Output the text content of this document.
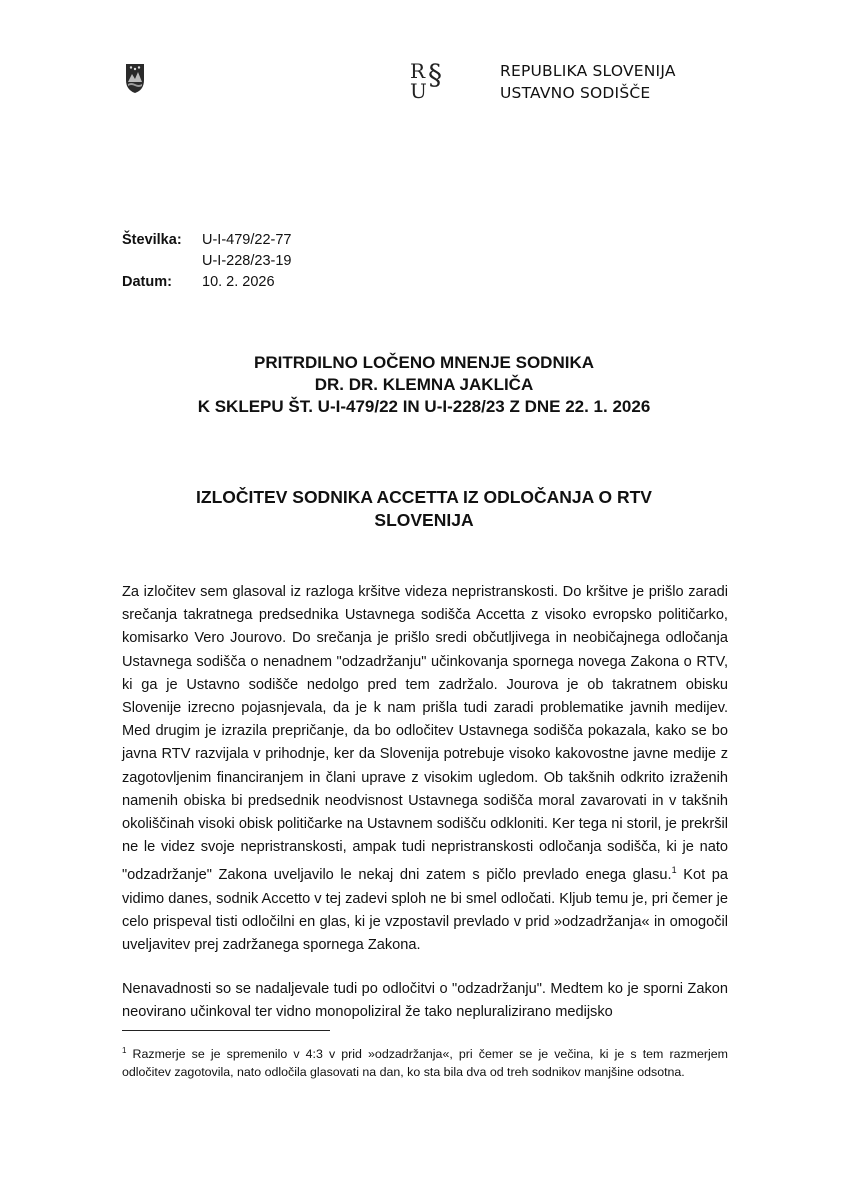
R §
U
REPUBLIKA SLOVENIJA
USTAVNO SODIŠČE
Številka:	U-I-479/22-77
U-I-228/23-19
Datum:	10. 2. 2026
PRITRDILNO LOČENO MNENJE SODNIKA
DR. DR. KLEMNA JAKLIČA
K SKLEPU ŠT. U-I-479/22 IN U-I-228/23 Z DNE 22. 1. 2026
IZLOČITEV SODNIKA ACCETTA IZ ODLOČANJA O RTV
SLOVENIJA

Za izločitev sem glasoval iz razloga kršitve videza nepristranskosti. Do kršitve je prišlo zaradi srečanja takratnega predsednika Ustavnega sodišča Accetta z visoko evropsko političarko, komisarko Vero Jourovo. Do srečanja je prišlo sredi občutljivega in neobičajnega odločanja Ustavnega sodišča o nenadnem "odzadržanju" učinkovanja spornega novega Zakona o RTV, ki ga je Ustavno sodišče nedolgo pred tem zadržalo. Jourova je ob takratnem obisku Slovenije izrecno pojasnjevala, da je k nam prišla tudi zaradi problematike javnih medijev. Med drugim je izrazila prepričanje, da bo odločitev Ustavnega sodišča pokazala, kako se bo javna RTV razvijala v prihodnje, ker da Slovenija potrebuje visoko kakovostne javne medije z zagotovljenim financiranjem in člani uprave z visokim ugledom. Ob takšnih odkrito izraženih namenih obiska bi predsednik neodvisnost Ustavnega sodišča moral zavarovati in v takšnih okoliščinah visoki obisk političarke na Ustavnem sodišču odkloniti. Ker tega ni storil, je prekršil ne le videz svoje nepristranskosti, ampak tudi nepristranskosti odločanja sodišča, ki je nato "odzadržanje" Zakona uveljavilo le nekaj dni zatem s pičlo prevlado enega glasu.$^1$ Kot pa vidimo danes, sodnik Accetto v tej zadevi sploh ne bi smel odločati. Kljub temu je, pri čemer je celo prispeval tisti odločilni en glas, ki je vzpostavil prevlado v prid »odzadržanja« in omogočil uveljavitev prej zadržanega spornega Zakona.

Nenavadnosti so se nadaljevale tudi po odločitvi o "odzadržanju". Medtem ko je sporni Zakon neovirano učinkoval ter vidno monopoliziral že tako nepluralizirano medijsko

$^1$ Razmerje se je spremenilo v 4:3 v prid »odzadržanja«, pri čemer se je večina, ki je s tem razmerjem odločitev zagotovila, nato odločila glasovati na dan, ko sta bila dva od treh sodnikov manjšine odsotna.
